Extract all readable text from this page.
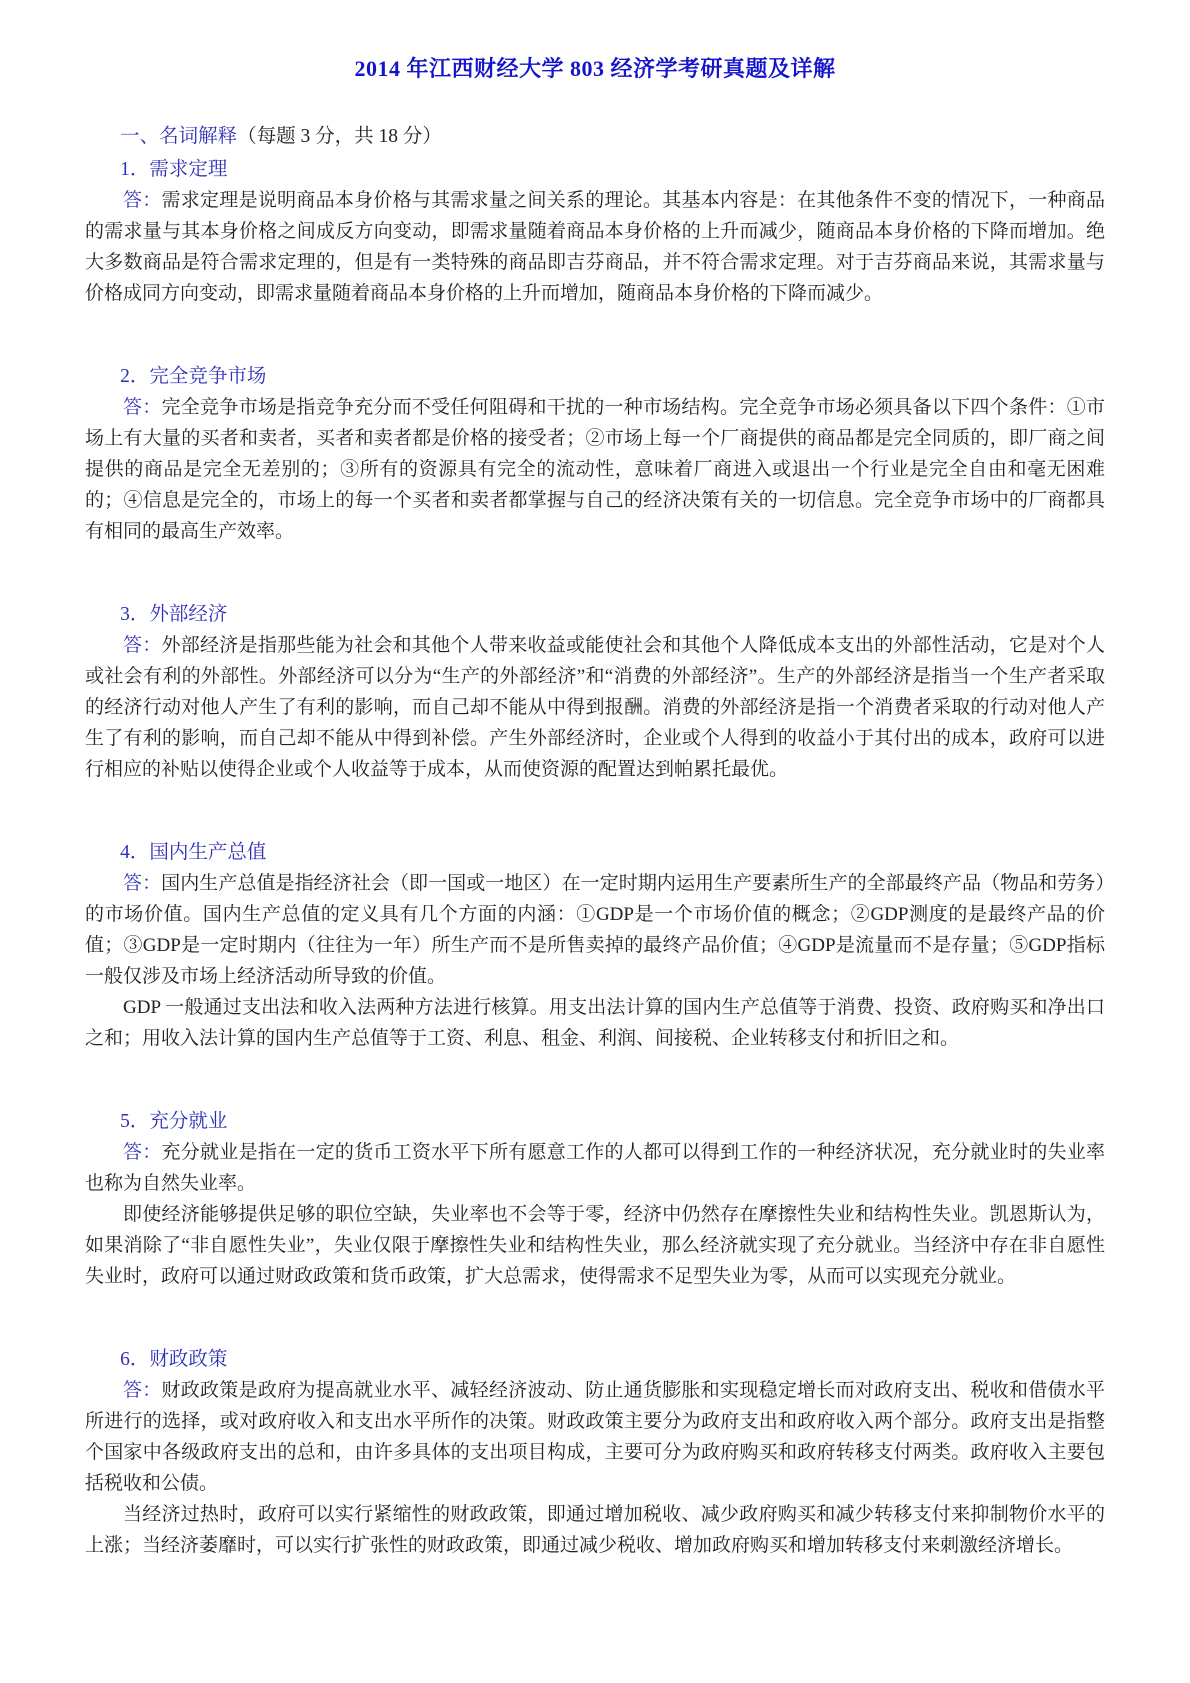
2014 年江西财经大学 803 经济学考研真题及详解
一、名词解释（每题 3 分，共 18 分）
1．需求定理

答：需求定理是说明商品本身价格与其需求量之间关系的理论。其基本内容是：在其他条件不变的情况下，一种商品的需求量与其本身价格之间成反方向变动，即需求量随着商品本身价格的上升而减少，随商品本身价格的下降而增加。绝大多数商品是符合需求定理的，但是有一类特殊的商品即吉芬商品，并不符合需求定理。对于吉芬商品来说，其需求量与价格成同方向变动，即需求量随着商品本身价格的上升而增加，随商品本身价格的下降而减少。

2．完全竞争市场

答：完全竞争市场是指竞争充分而不受任何阻碍和干扰的一种市场结构。完全竞争市场必须具备以下四个条件：①市场上有大量的买者和卖者，买者和卖者都是价格的接受者；②市场上每一个厂商提供的商品都是完全同质的，即厂商之间提供的商品是完全无差别的；③所有的资源具有完全的流动性，意味着厂商进入或退出一个行业是完全自由和毫无困难的；④信息是完全的，市场上的每一个买者和卖者都掌握与自己的经济决策有关的一切信息。完全竞争市场中的厂商都具有相同的最高生产效率。

3．外部经济

答：外部经济是指那些能为社会和其他个人带来收益或能使社会和其他个人降低成本支出的外部性活动，它是对个人或社会有利的外部性。外部经济可以分为“生产的外部经济”和“消费的外部经济”。生产的外部经济是指当一个生产者采取的经济行动对他人产生了有利的影响，而自己却不能从中得到报酬。消费的外部经济是指一个消费者采取的行动对他人产生了有利的影响，而自己却不能从中得到补偿。产生外部经济时，企业或个人得到的收益小于其付出的成本，政府可以进行相应的补贴以使得企业或个人收益等于成本，从而使资源的配置达到帕累托最优。

4．国内生产总值

答：国内生产总值是指经济社会（即一国或一地区）在一定时期内运用生产要素所生产的全部最终产品（物品和劳务）的市场价值。国内生产总值的定义具有几个方面的内涵：①GDP是一个市场价值的概念；②GDP测度的是最终产品的价值；③GDP是一定时期内（往往为一年）所生产而不是所售卖掉的最终产品价值；④GDP是流量而不是存量；⑤GDP指标一般仅涉及市场上经济活动所导致的价值。

GDP 一般通过支出法和收入法两种方法进行核算。用支出法计算的国内生产总值等于消费、投资、政府购买和净出口之和；用收入法计算的国内生产总值等于工资、利息、租金、利润、间接税、企业转移支付和折旧之和。

5．充分就业

答：充分就业是指在一定的货币工资水平下所有愿意工作的人都可以得到工作的一种经济状况，充分就业时的失业率也称为自然失业率。

即使经济能够提供足够的职位空缺，失业率也不会等于零，经济中仍然存在摩擦性失业和结构性失业。凯恩斯认为，如果消除了“非自愿性失业”，失业仅限于摩擦性失业和结构性失业，那么经济就实现了充分就业。当经济中存在非自愿性失业时，政府可以通过财政政策和货币政策，扩大总需求，使得需求不足型失业为零，从而可以实现充分就业。

6．财政政策

答：财政政策是政府为提高就业水平、减轻经济波动、防止通货膨胀和实现稳定增长而对政府支出、税收和借债水平所进行的选择，或对政府收入和支出水平所作的决策。财政政策主要分为政府支出和政府收入两个部分。政府支出是指整个国家中各级政府支出的总和，由许多具体的支出项目构成，主要可分为政府购买和政府转移支付两类。政府收入主要包括税收和公债。

当经济过热时，政府可以实行紧缩性的财政政策，即通过增加税收、减少政府购买和减少转移支付来抑制物价水平的上涨；当经济萎靡时，可以实行扩张性的财政政策，即通过减少税收、增加政府购买和增加转移支付来刺激经济增长。
